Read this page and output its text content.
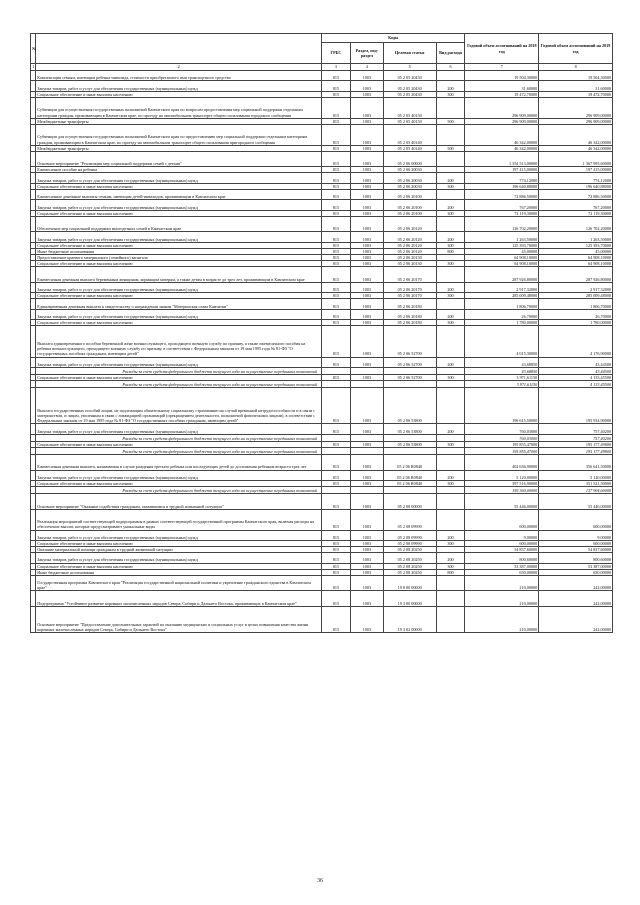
№		Коды				Годовой объем ассигнований на 2018 год	Годовой объем ассигнований на 2019 год
		ГРБС	Раздел, под-раздел	Целевая статья	Вид расхода		
1	2	3	4	5	6	7	8
	Компенсация семьям, имеющим ребенка-инвалида, стоимости приобретаемого ими транспортного средства	815	1003	05 2 05 20430		19 504,30000	19 504,30000
	Закупка товаров, работ и услуг для обеспечения государственных (муниципальных) нужд	815	1003	05 2 05 20430	200	31,60000	31,60000
	Социальное обеспечение и иные выплаты населению	815	1003	05 2 05 20430	300	19 472,70000	19 472,70000
	Субвенции для осуществления государственных полномочий Камчатского края по вопросам предоставления мер социальной поддержки отдельным категориям граждан, проживающим в Камчатском крае, по проезду на автомобильном транспорте общего пользования городского сообщения	815	1003	05 2 05 40130		296 909,00000	296 909,00000
	Межбюджетные трансферты	815	1003	05 2 05 40130	500	296 909,00000	296 909,00000
	Субвенции для осуществления государственных полномочий Камчатского края по предоставлению мер социальной поддержки отдельным категориям граждан, проживающим в Камчатском крае, по проезду на автомобильном транспорте общего пользования пригородного сообщения	815	1003	05 2 05 40140		46 342,00000	46 342,00000
	Межбюджетные трансферты	815	1003	05 2 05 40140	500	46 342,00000	46 342,00000
	Основное мероприятие "Реализация мер социальной поддержки семей с детьми"	815	1003	05 2 06 00000		1 354 513,00000	1 367 995,60000
	Ежемесячное пособие на ребенка	815	1003	05 2 06 20030		197 415,00000	197 415,00000
	Закупка товаров, работ и услуг для обеспечения государственных (муниципальных) нужд	815	1003	05 2 06 20030	200	774,12000	774,12000
	Социальное обеспечение и иные выплаты населению	815	1003	05 2 06 20030	300	196 640,88000	196 640,88000
	Ежемесячные денежные выплаты семьям, имеющим детей-инвалидов, проживающим в Камчатском крае	815	1003	05 2 06 20100		72 886,50000	72 886,50000
	Закупка товаров, работ и услуг для обеспечения государственных (муниципальных) нужд	815	1003	05 2 06 20100	200	767,20000	767,20000
	Социальное обеспечение и иные выплаты населению	815	1003	05 2 06 20100	300	72 119,30000	72 119,30000
	Обеспечение мер социальной поддержки многодетных семей в Камчатском крае	815	1003	05 2 06 20120		126 702,20000	126 702,20000
	Закупка товаров, работ и услуг для обеспечения государственных (муниципальных) нужд	815	1003	05 2 06 20120	200	1 263,50000	1 263,50000
	Социальное обеспечение и иные выплаты населению	815	1003	05 2 06 20120	300	125 393,70000	125 393,70000
	Иные бюджетные ассигнования	815	1003	05 2 06 20120	800	45,00000	45,00000
	Предоставление краевого материнского (семейного) капитала	815	1003	05 2 06 20130		64 908,10000	64 908,10000
	Социальное обеспечение и иные выплаты населению	815	1003	05 2 06 20130	300	64 908,10000	64 908,10000
	Ежемесячная денежная выплата беременным женщинам, кормящим матерям, а также детям в возрасте до трех лет, проживающим в Камчатском крае	815	1003	05 2 06 20170		287 926,80000	287 926,80000
	Закупка товаров, работ и услуг для обеспечения государственных (муниципальных) нужд	815	1003	05 2 06 20170	200	2 917,32000	2 917,32000
	Социальное обеспечение и иные выплаты населению	815	1003	05 2 06 20170	300	285 009,48000	285 009,48000
	Единовременная денежная выплата к свидетельству о награждении знаком "Материнская слава Камчатки"	815	1003	05 2 06 20180		1 806,70000	1 806,70000
	Закупка товаров, работ и услуг для обеспечения государственных (муниципальных) нужд	815	1003	05 2 06 20180	200	26,70000	26,70000
	Социальное обеспечение и иные выплаты населению	815	1003	05 2 06 20180	300	1 780,00000	1 780,00000
	Выплата единовременного пособия беременной жене военнослужащего, проходящего военную службу по призыву, а также ежемесячного пособия на ребенка военнослужащего, проходящего военную службу по призыву, в соответствии с Федеральным законом от 19 мая 1995 года № 81-ФЗ "О государственных пособиях гражданам, имеющим детей"	815	1003	05 2 06 52700		4 015,30000	4 176,90000
	Закупка товаров, работ и услуг для обеспечения государственных (муниципальных) нужд	815	1003	05 2 06 52700	200	43,68850	43,44500
	Расходы за счет средств федерального бюджета текущего года на осуществление переданных полномочий					43,68850	43,44500
	Социальное обеспечение и иные выплаты населению	815	1003	05 2 06 52700	300	3 971,61150	4 133,45500
	Расходы за счет средств федерального бюджета текущего года на осуществление переданных полномочий					3 971,61150	4 133,45500
	Выплата государственных пособий лицам, не подлежащим обязательному социальному страхованию на случай временной нетрудоспособности и в связи с материнством, и лицам, уволенным в связи с ликвидацией организаций (прекращением деятельности, полномочий физическими лицами), в соответствии с Федеральным законом от 19 мая 1995 года № 81-ФЗ "О государственных пособиях гражданам, имеющим детей"	815	1003	05 2 06 53800		196 615,50000	195 934,90000
	Закупка товаров, работ и услуг для обеспечения государственных (муниципальных) нужд	815	1003	05 2 06 53800	200	760,03000	757,40200
	Расходы за счет средств федерального бюджета текущего года на осуществление переданных полномочий					760,03000	757,40200
	Социальное обеспечение и иные выплаты населению	815	1003	05 2 06 53800	300	195 855,47000	195 177,49800
	Расходы за счет средств федерального бюджета текущего года на осуществление переданных полномочий					195 855,47000	195 177,49800
	Ежемесячная денежная выплата, назначаемая в случае рождения третьего ребенка или последующих детей до достижения ребенком возраста трех лет	815	1003	05 2 06 R0840		402 636,90000	356 641,50000
	Закупка товаров, работ и услуг для обеспечения государственных (муниципальных) нужд	815	1003	05 2 06 R0840	200	5 120,00000	5 120,00000
	Социальное обеспечение и иные выплаты населению	815	1003	05 2 06 R0840	300	397 516,90000	351 521,50000
	Расходы за счет средств федерального бюджета текущего года на осуществление переданных полномочий					159 360,00000	137 904,60000
	Основное мероприятие "Оказание содействия гражданам, оказавшимся в трудной жизненной ситуации"	815	1003	05 2 08 00000		55 446,00000	55 446,00000
	Реализация мероприятий соответствующей подпрограммы в рамках соответствующей государственной программы Камчатского края, включая расходы на обеспечение выплат, которые предусматривают уникальные виды	815	1003	05 2 08 09990		600,00000	600,00000
	Закупка товаров, работ и услуг для обеспечения государственных (муниципальных) нужд	815	1003	05 2 08 09990	200	9,00000	9,00000
	Социальное обеспечение и иные выплаты населению	815	1003	05 2 08 09990	300	600,00000	600,00000
	Оказание материальной помощи гражданам в трудной жизненной ситуации	815	1003	05 2 08 20250		54 837,60000	54 837,60000
	Закупка товаров, работ и услуг для обеспечения государственных (муниципальных) нужд	815	1003	05 2 08 20250	200	800,60000	800,60000
	Социальное обеспечение и иные выплаты населению	815	1003	05 2 08 20250	300	53 387,00000	53 387,00000
	Иные бюджетные ассигнования	815	1003	05 2 08 20250	800	650,00000	650,00000
	Государственная программа Камчатского края "Реализация государственной национальной политики и укрепление гражданского единства в Камчатском крае"	815	1003	19 0 00 00000		210,00000	242,00000
	Подпрограмма "Устойчивое развитие коренных малочисленных народов Севера, Сибири и Дальнего Востока, проживающих в Камчатском крае"	815	1003	19 3 00 00000		210,00000	242,00000
	Основное мероприятие "Предоставление дополнительных гарантий по оказанию медицинских и социальных услуг в целях повышения качества жизни коренных малочисленных народов Севера, Сибири и Дальнего Востока"	815	1003	19 3 02 00000		210,00000	242,00000
36
